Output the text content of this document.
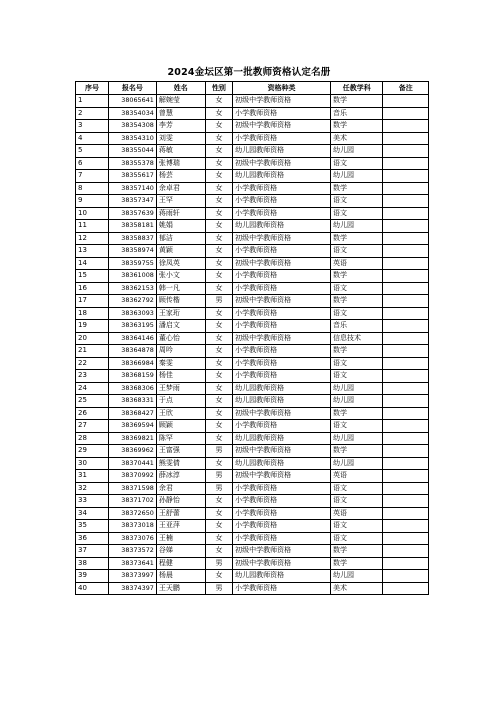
2024金坛区第一批教师资格认定名册
序号	报名号	姓名	性别	资格种类	任教学科	备注
1	38065641	解婉莹	女	初级中学教师资格	数学	
2	38354034	曾慧	女	小学教师资格	音乐	
3	38354308	李芳	女	初级中学教师资格	数学	
4	38354310	刘雯	女	小学教师资格	美术	
5	38355044	蒋敏	女	幼儿园教师资格	幼儿园	
6	38355378	张博瑞	女	初级中学教师资格	语文	
7	38355617	杨芸	女	幼儿园教师资格	幼儿园	
8	38357140	余卓君	女	小学教师资格	数学	
9	38357347	王罕	女	小学教师资格	语文	
10	38357639	蒋雨轩	女	小学教师资格	语文	
11	38358181	姚娟	女	幼儿园教师资格	幼儿园	
12	38358837	郁洁	女	初级中学教师资格	数学	
13	38358974	黄颖	女	小学教师资格	语文	
14	38359755	徐凤英	女	初级中学教师资格	英语	
15	38361008	张小文	女	小学教师资格	数学	
16	38362153	韩一凡	女	小学教师资格	语文	
17	38362792	顾传楷	男	初级中学教师资格	数学	
18	38363093	王家珩	女	小学教师资格	语文	
19	38363195	潘启文	女	小学教师资格	音乐	
20	38364146	董心怡	女	初级中学教师资格	信息技术	
21	38364878	周吟	女	小学教师资格	数学	
22	38366984	秦雯	女	小学教师资格	语文	
23	38368159	杨佳	女	小学教师资格	语文	
24	38368306	王梦雨	女	幼儿园教师资格	幼儿园	
25	38368331	于点	女	幼儿园教师资格	幼儿园	
26	38368427	王欣	女	初级中学教师资格	数学	
27	38369594	顾颖	女	小学教师资格	语文	
28	38369821	陈罕	女	幼儿园教师资格	幼儿园	
29	38369962	王富强	男	初级中学教师资格	数学	
30	38370441	熊雯倩	女	幼儿园教师资格	幼儿园	
31	38370992	薛冰淳	男	初级中学教师资格	英语	
32	38371598	余君	男	小学教师资格	语文	
33	38371702	孙静怡	女	小学教师资格	语文	
34	38372650	王舒蕾	女	小学教师资格	英语	
35	38373018	王亚萍	女	小学教师资格	语文	
36	38373076	王楠	女	小学教师资格	语文	
37	38373572	谷娣	女	初级中学教师资格	数学	
38	38373641	程健	男	初级中学教师资格	数学	
39	38373997	杨晨	女	幼儿园教师资格	幼儿园	
40	38374397	王天鹏	男	小学教师资格	美术	
